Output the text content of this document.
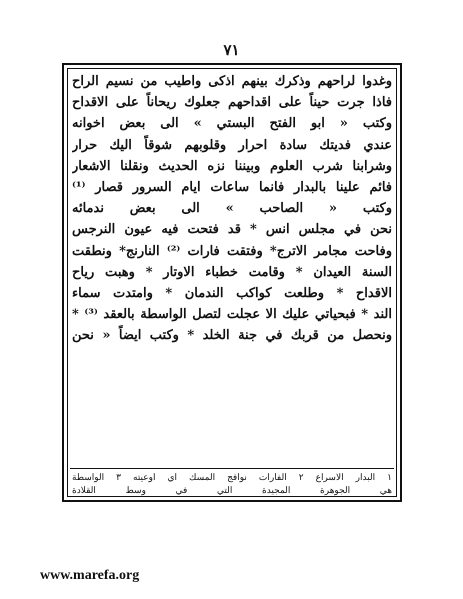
٧١
وغدوا لراحهم وذكرك بينهم اذكى واطيب من نسيم الراح
فاذا جرت حيناً على اقداحهم جعلوك ريحاناً على الاقداح
وكتب « ابو الفتح البستي » الى بعض اخوانه
عندي فديتك سادة احرار وقلوبهم شوقاً اليك حرار
وشرابنا شرب العلوم وبيننا نزه الحديث ونقلنا الاشعار
فائم علينا بالبدار فانما ساعات ايام السرور قصار ⁽¹⁾
وكتب « الصاحب » الى بعض ندمائه
نحن في مجلس انس * قد فتحت فيه عيون النرجس
وفاحت مجامر الاترج* وفتقت فارات ⁽²⁾ النارنج* ونطقت
السنة العيدان * وقامت خطباء الاوتار * وهبت رياح
الاقداح * وطلعت كواكب الندمان * وامتدت سماء
الند * فبحياتي عليك الا عجلت لتصل الواسطة بالعقد ⁽³⁾ *
ونحصل من قربك في جنة الخلد * وكتب ايضاً « نحن
١ البدار الاسراع ٢ الفارات نوافج المسك اي اوعيته ٣ الواسطة
هي الجوهرة المجيدة التي في وسط القلادة
www.marefa.org
